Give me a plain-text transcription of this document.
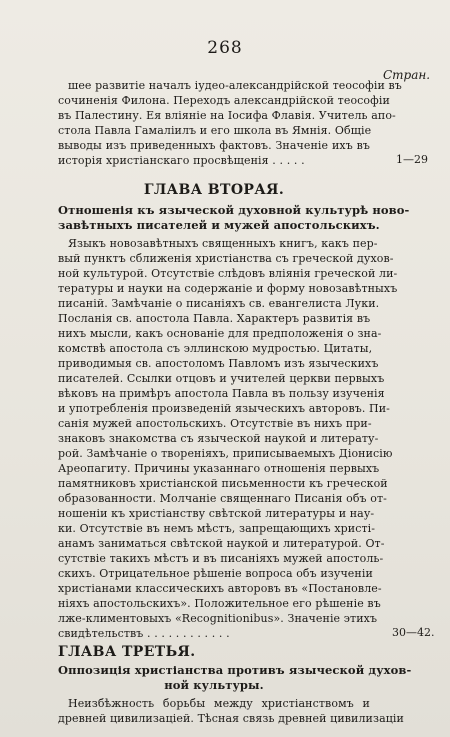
268
Стран.
шее развитіе началъ іудео-александрійской теософіи въ
сочиненія Филона. Переходъ александрійской теософіи
въ Палестину. Ея вліяніе на Іосифа Флавія. Учитель апо-
стола Павла Гамаліилъ и его школа въ Ямнія. Общіе
выводы изъ приведенныхъ фактовъ. Значеніе ихъ въ
исторія христіанскаго просвѣщенія . . . . .	1—29
ГЛАВА ВТОРАЯ.
Отношенія къ языческой духовной культурѣ ново-
завѣтныхъ писателей и мужей апостольскихъ.
Языкъ новозавѣтныхъ священныхъ книгъ, какъ пер-
вый пунктъ сближенія христіанства съ греческой духов-
ной культурой. Отсутствіе слѣдовъ вліянія греческой ли-
тературы и науки на содержаніе и форму новозавѣтныхъ
писаній. Замѣчаніе о писаніяхъ св. евангелиста Луки.
Посланія св. апостола Павла. Характеръ развитія въ
нихъ мысли, какъ основаніе для предположенія о зна-
комствѣ апостола съ эллинскою мудростью. Цитаты,
приводимыя св. апостоломъ Павломъ изъ языческихъ
писателей. Ссылки отцовъ и учителей церкви первыхъ
вѣковъ на примѣръ апостола Павла въ пользу изученія
и употребленія произведеній языческихъ авторовъ. Пи-
санія мужей апостольскихъ. Отсутствіе въ нихъ при-
знаковъ знакомства съ языческой наукой и литерату-
рой. Замѣчаніе о твореніяхъ, приписываемыхъ Діонисію
Ареопагиту. Причины указаннаго отношенія первыхъ
памятниковъ христіанской письменности къ греческой
образованности. Молчаніе священнаго Писанія объ от-
ношеніи къ христіанству свѣтской литературы и нау-
ки. Отсутствіе въ немъ мѣстъ, запрещающихъ христі-
анамъ заниматься свѣтской наукой и литературой. От-
сутствіе такихъ мѣстъ и въ писаніяхъ мужей апостоль-
скихъ. Отрицательное рѣшеніе вопроса объ изученіи
христіанами классическихъ авторовъ въ «Постановле-
ніяхъ апостольскихъ». Положительное его рѣшеніе въ
лже-климентовыхъ «Recognitionibus». Значеніе этихъ
свидѣтельствъ . . . . . . . . . . . .	30—42.
ГЛАВА ТРЕТЬЯ.
Оппозиція христіанства противъ языческой духов-
ной культуры.
Неизбѣжность борьбы между христіанствомъ и
древней цивилизацiей. Тѣсная связь древней цивилизаціи
